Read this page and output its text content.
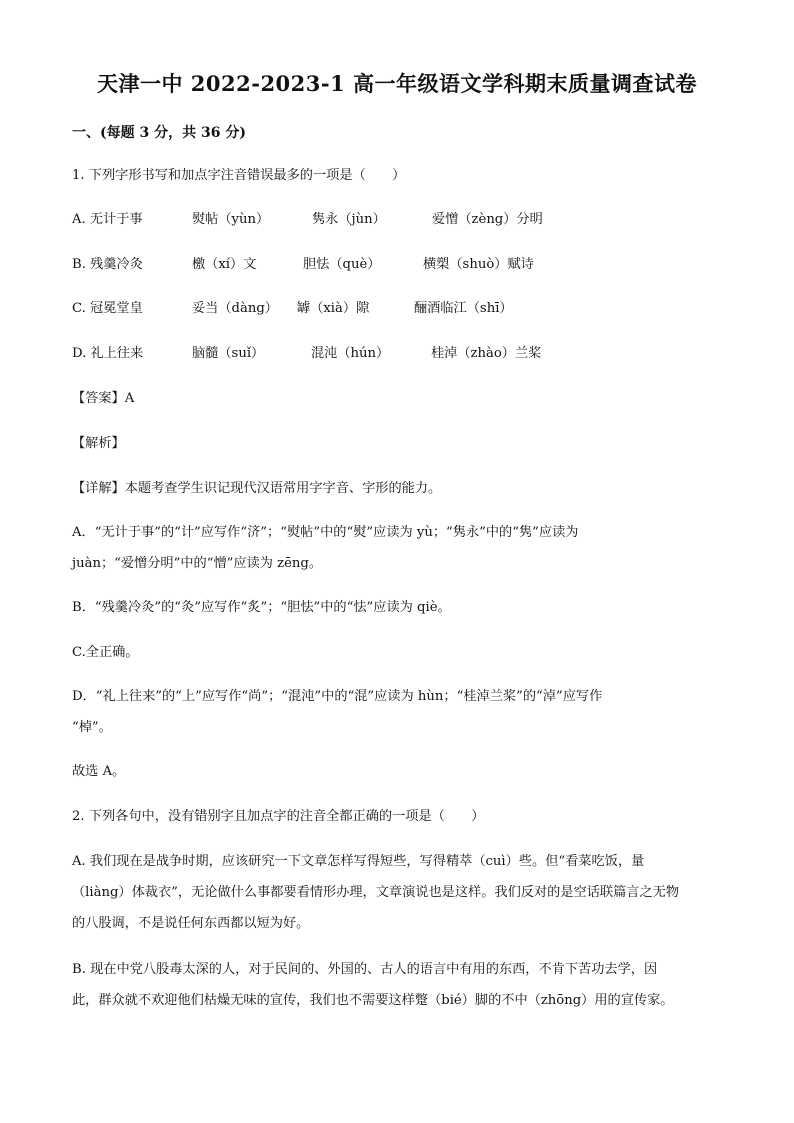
天津一中 2022-2023-1 高一年级语文学科期末质量调查试卷
一、(每题 3 分，共 36 分)
1. 下列字形书写和加点字注音错误最多的一项是（　　）
A. 无计于事	熨帖（yùn）	隽永（jùn）	爱憎（zèng）分明
B. 残羹冷灸	檄（xí）文	胆怯（què）	横槊（shuò）赋诗
C. 冠冕堂皇	妥当（dàng） 罅（xià）隙	酾酒临江（shī）
D. 礼上往来	脑髓（suǐ）	混沌（hún）	桂淖（zhào）兰桨
【答案】A
【解析】
【详解】本题考查学生识记现代汉语常用字字音、字形的能力。
A．“无计于事”的“计”应写作“济”；“熨帖”中的“熨”应读为 yù；“隽永”中的“隽”应读为
juàn；“爱憎分明”中的“憎”应读为 zēng。
B．“残羹冷灸”的“灸”应写作“炙”；“胆怯”中的“怯”应读为 qiè。
C.全正确。
D．“礼上往来”的“上”应写作“尚”；“混沌”中的“混”应读为 hùn；“桂淖兰桨”的“淖”应写作
“棹”。
故选 A。
2. 下列各句中，没有错别字且加点字的注音全都正确的一项是（　　）
A. 我们现在是战争时期，应该研究一下文章怎样写得短些，写得精萃（cuì）些。但“看菜吃饭，量
（liàng）体裁衣”，无论做什么事都要看情形办理，文章演说也是这样。我们反对的是空话联篇言之无物
的八股调，不是说任何东西都以短为好。
B. 现在中党八股毒太深的人，对于民间的、外国的、古人的语言中有用的东西，不肯下苦功去学，因
此，群众就不欢迎他们枯燥无味的宣传，我们也不需要这样蹩（bié）脚的不中（zhōng）用的宣传家。
